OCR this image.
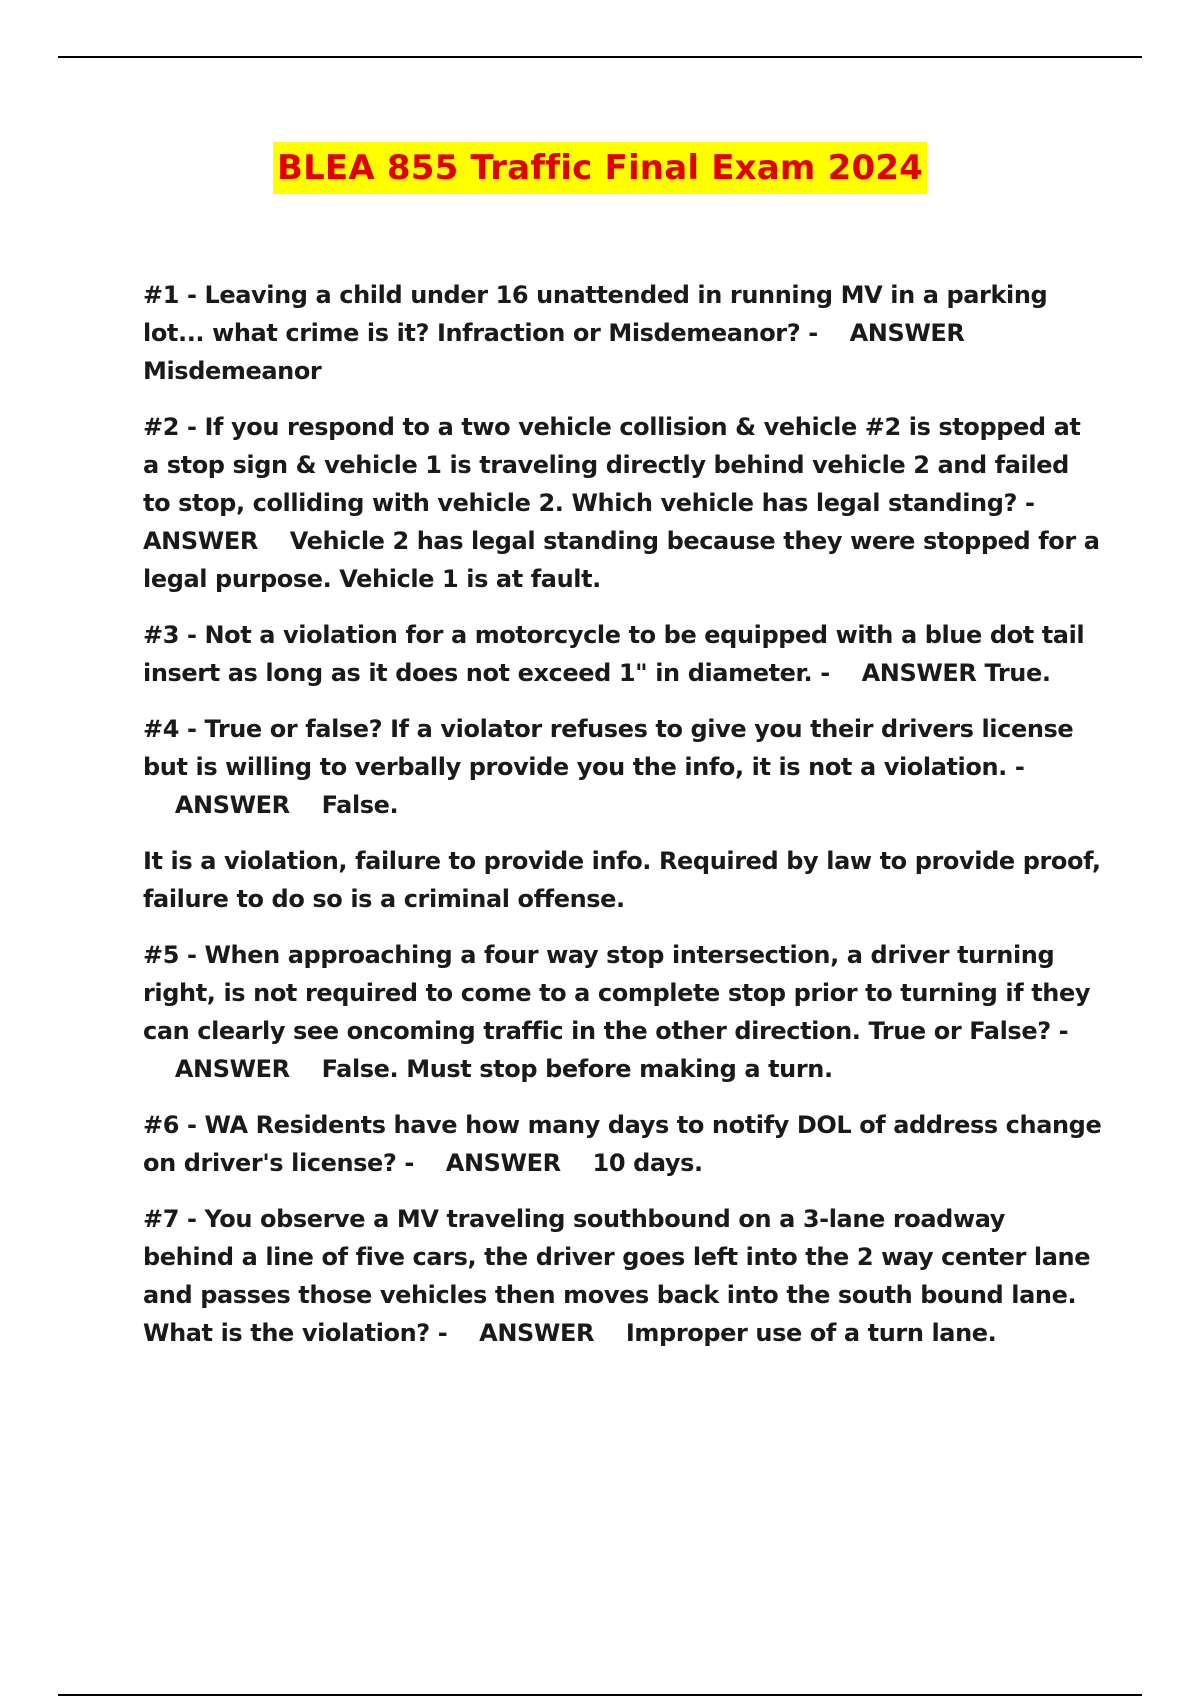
BLEA 855 Traffic Final Exam 2024

#1 - Leaving a child under 16 unattended in running MV in a parking lot... what crime is it? Infraction or Misdemeanor? - ANSWER Misdemeanor

#2 - If you respond to a two vehicle collision & vehicle #2 is stopped at a stop sign & vehicle 1 is traveling directly behind vehicle 2 and failed to stop, colliding with vehicle 2. Which vehicle has legal standing? - ANSWER Vehicle 2 has legal standing because they were stopped for a legal purpose. Vehicle 1 is at fault.

#3 - Not a violation for a motorcycle to be equipped with a blue dot tail insert as long as it does not exceed 1" in diameter. - ANSWER True.

#4 - True or false? If a violator refuses to give you their drivers license but is willing to verbally provide you the info, it is not a violation. -    ANSWER False.

It is a violation, failure to provide info. Required by law to provide proof, failure to do so is a criminal offense.

#5 - When approaching a four way stop intersection, a driver turning right, is not required to come to a complete stop prior to turning if they can clearly see oncoming traffic in the other direction. True or False? -    ANSWER False. Must stop before making a turn.

#6 - WA Residents have how many days to notify DOL of address change on driver's license? - ANSWER 10 days.

#7 - You observe a MV traveling southbound on a 3-lane roadway behind a line of five cars, the driver goes left into the 2 way center lane and passes those vehicles then moves back into the south bound lane. What is the violation? - ANSWER Improper use of a turn lane.
